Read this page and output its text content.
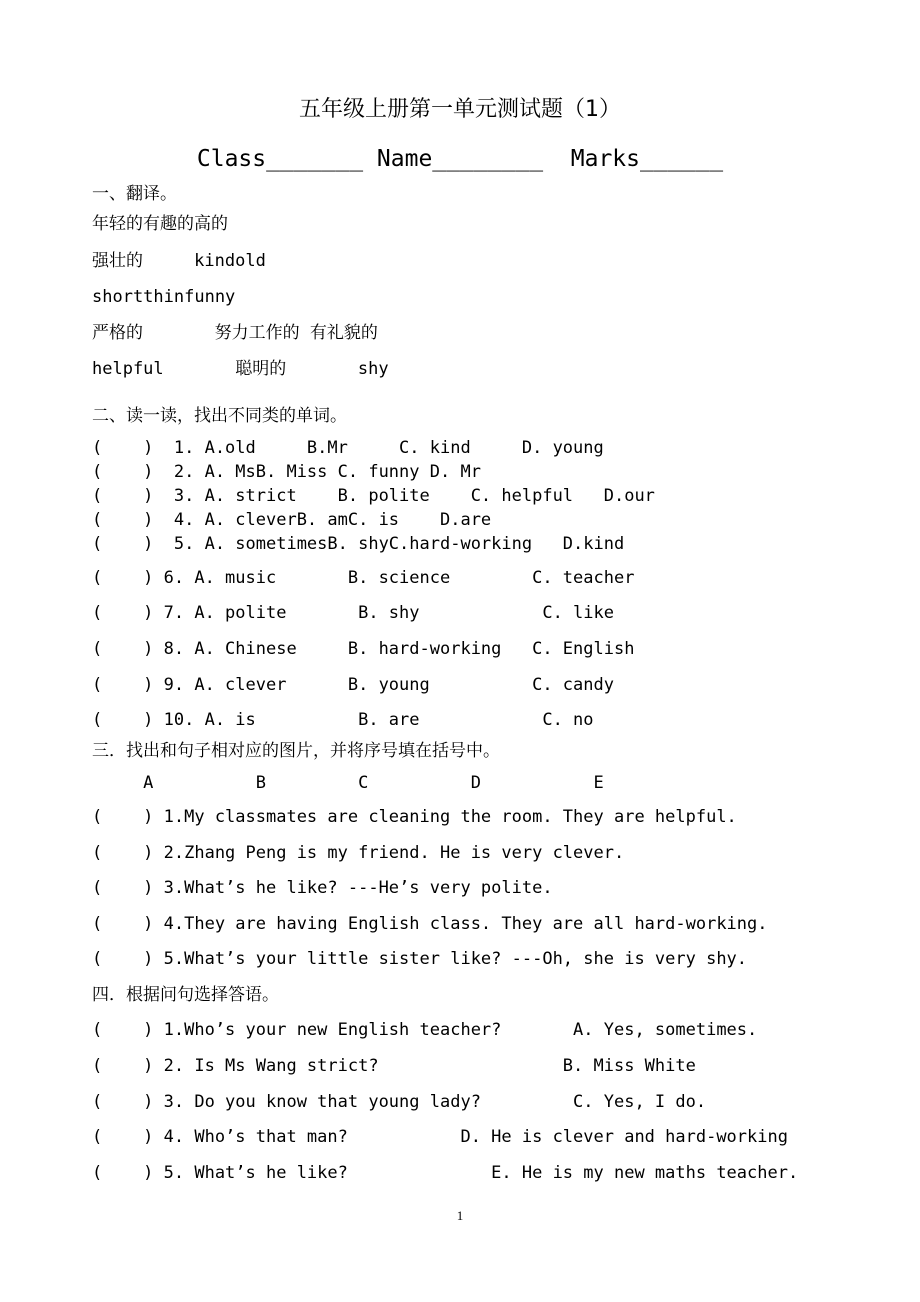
五年级上册第一单元测试题（1）
Class_______ Name________  Marks______
一、翻译。
年轻的有趣的高的
强壮的     kindold
shortthinfunny
严格的       努力工作的 有礼貌的
helpful       聪明的       shy
二、读一读，找出不同类的单词。
(    )  1. A.old     B.Mr     C. kind     D. young
(    )  2. A. MsB. Miss C. funny D. Mr
(    )  3. A. strict    B. polite    C. helpful   D.our
(    )  4. A. cleverB. amC. is    D.are
(    )  5. A. sometimesB. shyC.hard-working   D.kind
(    ) 6. A. music       B. science        C. teacher
(    ) 7. A. polite       B. shy            C. like
(    ) 8. A. Chinese     B. hard-working   C. English
(    ) 9. A. clever      B. young          C. candy
(    ) 10. A. is          B. are            C. no
三．找出和句子相对应的图片，并将序号填在括号中。
A          B         C          D           E
(    ) 1.My classmates are cleaning the room. They are helpful.
(    ) 2.Zhang Peng is my friend. He is very clever.
(    ) 3.What’s he like? ---He’s very polite.
(    ) 4.They are having English class. They are all hard-working.
(    ) 5.What’s your little sister like? ---Oh, she is very shy.
四．根据问句选择答语。
(    ) 1.Who’s your new English teacher?       A. Yes, sometimes.
(    ) 2. Is Ms Wang strict?                  B. Miss White
(    ) 3. Do you know that young lady?         C. Yes, I do.
(    ) 4. Who’s that man?           D. He is clever and hard-working
(    ) 5. What’s he like?              E. He is my new maths teacher.
1
